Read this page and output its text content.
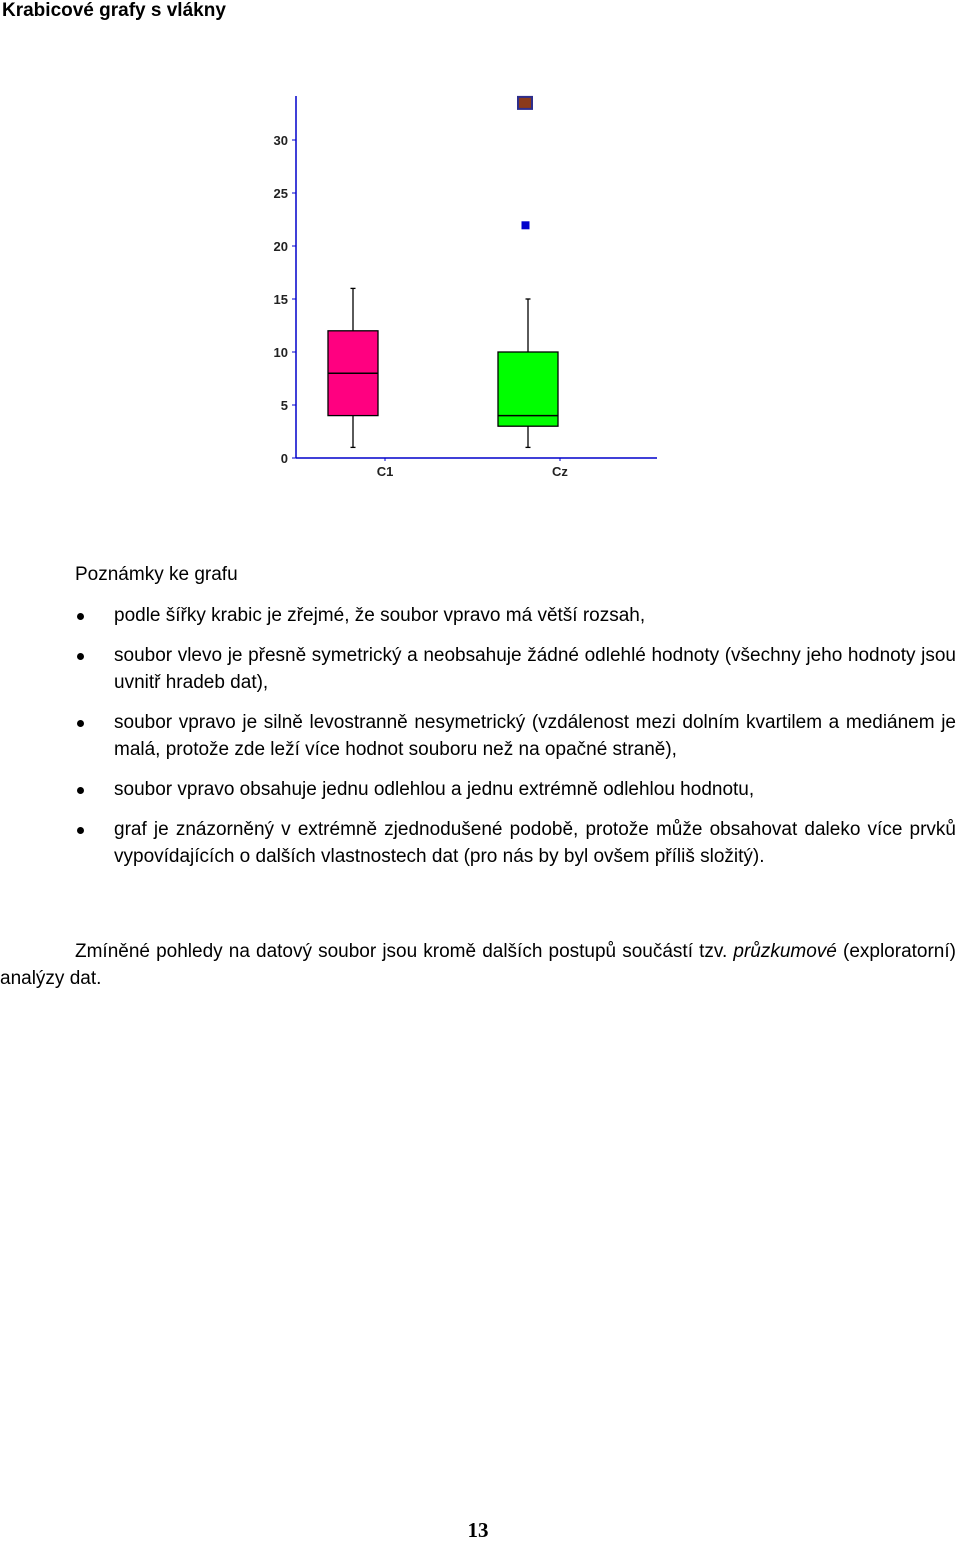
Krabicové grafy s vlákny
0
5
10
15
20
25
30
C1	Cz
Poznámky ke grafu
podle šířky krabic je zřejmé, že soubor vpravo má větší rozsah,
soubor vlevo je přesně symetrický a neobsahuje žádné odlehlé hodnoty (všechny jeho hodnoty jsou uvnitř hradeb dat),
soubor vpravo je silně levostranně nesymetrický (vzdálenost mezi dolním kvartilem a mediánem je malá, protože zde leží více hodnot souboru než na opačné straně),
soubor vpravo obsahuje jednu odlehlou a jednu extrémně odlehlou hodnotu,
graf je znázorněný v extrémně zjednodušené podobě, protože může obsahovat daleko více prvků vypovídajících o dalších vlastnostech dat (pro nás by byl ovšem příliš složitý).

Zmíněné pohledy na datový soubor jsou kromě dalších postupů součástí tzv. průzkumové (exploratorní) analýzy dat.

13
